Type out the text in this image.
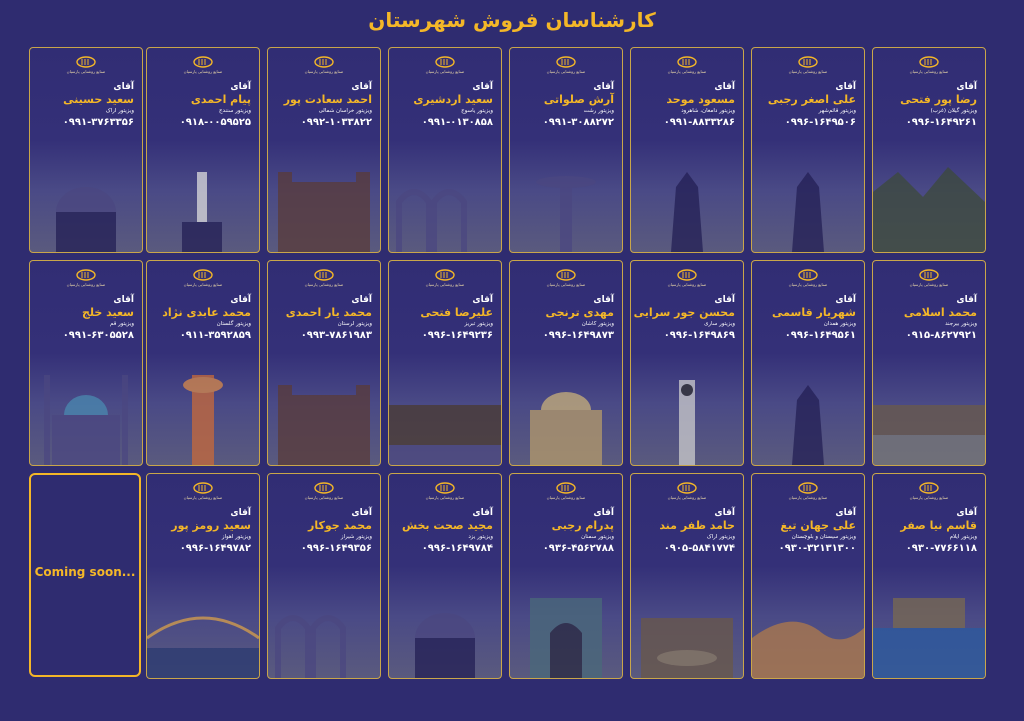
کارشناسان فروش شهرستان
صنایع روشنایی پارسیان
آقای
رضا پور فتحی
ویزیتور گیلان (غرب)
۰۹۹۶-۱۶۴۹۲۶۱
صنایع روشنایی پارسیان
آقای
علی اصغر رجبی
ویزیتور قائم‌شهر
۰۹۹۶-۱۶۴۹۵۰۶
صنایع روشنایی پارسیان
آقای
مسعود موحد
ویزیتور دامغان، شاهرود
۰۹۹۱-۸۸۳۳۲۸۶
صنایع روشنایی پارسیان
آقای
آرش صلواتی
ویزیتور رشت
۰۹۹۱-۳۰۸۸۲۷۲
صنایع روشنایی پارسیان
آقای
سعید اردشیری
ویزیتور یاسوج
۰۹۹۱-۰۱۳۰۸۵۸
صنایع روشنایی پارسیان
آقای
احمد سعادت پور
ویزیتور خراسان شمالی
۰۹۹۲-۱۰۳۳۸۲۲
صنایع روشنایی پارسیان
آقای
پیام احمدی
ویزیتور سنندج
۰۹۱۸-۰۰۵۹۵۲۵
صنایع روشنایی پارسیان
آقای
سعید حسینی
ویزیتور اراک
۰۹۹۱-۳۷۶۳۳۵۶
صنایع روشنایی پارسیان
آقای
محمد اسلامی
ویزیتور بیرجند
۰۹۱۵-۸۶۲۷۹۲۱
صنایع روشنایی پارسیان
آقای
شهریار قاسمی
ویزیتور همدان
۰۹۹۶-۱۶۴۹۵۶۱
صنایع روشنایی پارسیان
آقای
محسن جور سرایی
ویزیتور ساری
۰۹۹۶-۱۶۴۹۸۶۹
صنایع روشنایی پارسیان
آقای
مهدی ترنجی
ویزیتور کاشان
۰۹۹۶-۱۶۴۹۸۷۳
صنایع روشنایی پارسیان
آقای
علیرضا فتحی
ویزیتور تبریز
۰۹۹۶-۱۶۴۹۲۳۶
صنایع روشنایی پارسیان
آقای
محمد یار احمدی
ویزیتور لرستان
۰۹۹۳-۷۸۶۱۹۸۳
صنایع روشنایی پارسیان
آقای
محمد عابدی نژاد
ویزیتور گلستان
۰۹۱۱-۳۵۹۲۸۵۹
صنایع روشنایی پارسیان
آقای
سعید خلج
ویزیتور قم
۰۹۹۱-۶۳۰۵۵۲۸
صنایع روشنایی پارسیان
آقای
قاسم نیا صفر
ویزیتور ایلام
۰۹۳۰-۷۷۶۶۱۱۸
صنایع روشنایی پارسیان
آقای
علی جهان تیغ
ویزیتور سیستان و بلوچستان
۰۹۳۰-۳۲۱۳۱۳۰۰
صنایع روشنایی پارسیان
آقای
حامد ظفر مند
ویزیتور اراک
۰۹۰۵-۵۸۴۱۷۷۴
صنایع روشنایی پارسیان
آقای
پدرام رجبی
ویزیتور سمنان
۰۹۳۶-۴۵۶۲۷۸۸
صنایع روشنایی پارسیان
آقای
مجید صحت بخش
ویزیتور یزد
۰۹۹۶-۱۶۴۹۷۸۴
صنایع روشنایی پارسیان
آقای
محمد جوکار
ویزیتور شیراز
۰۹۹۶-۱۶۴۹۳۵۶
صنایع روشنایی پارسیان
آقای
سعید رومز پور
ویزیتور اهواز
۰۹۹۶-۱۶۴۹۷۸۲
Coming soon...
